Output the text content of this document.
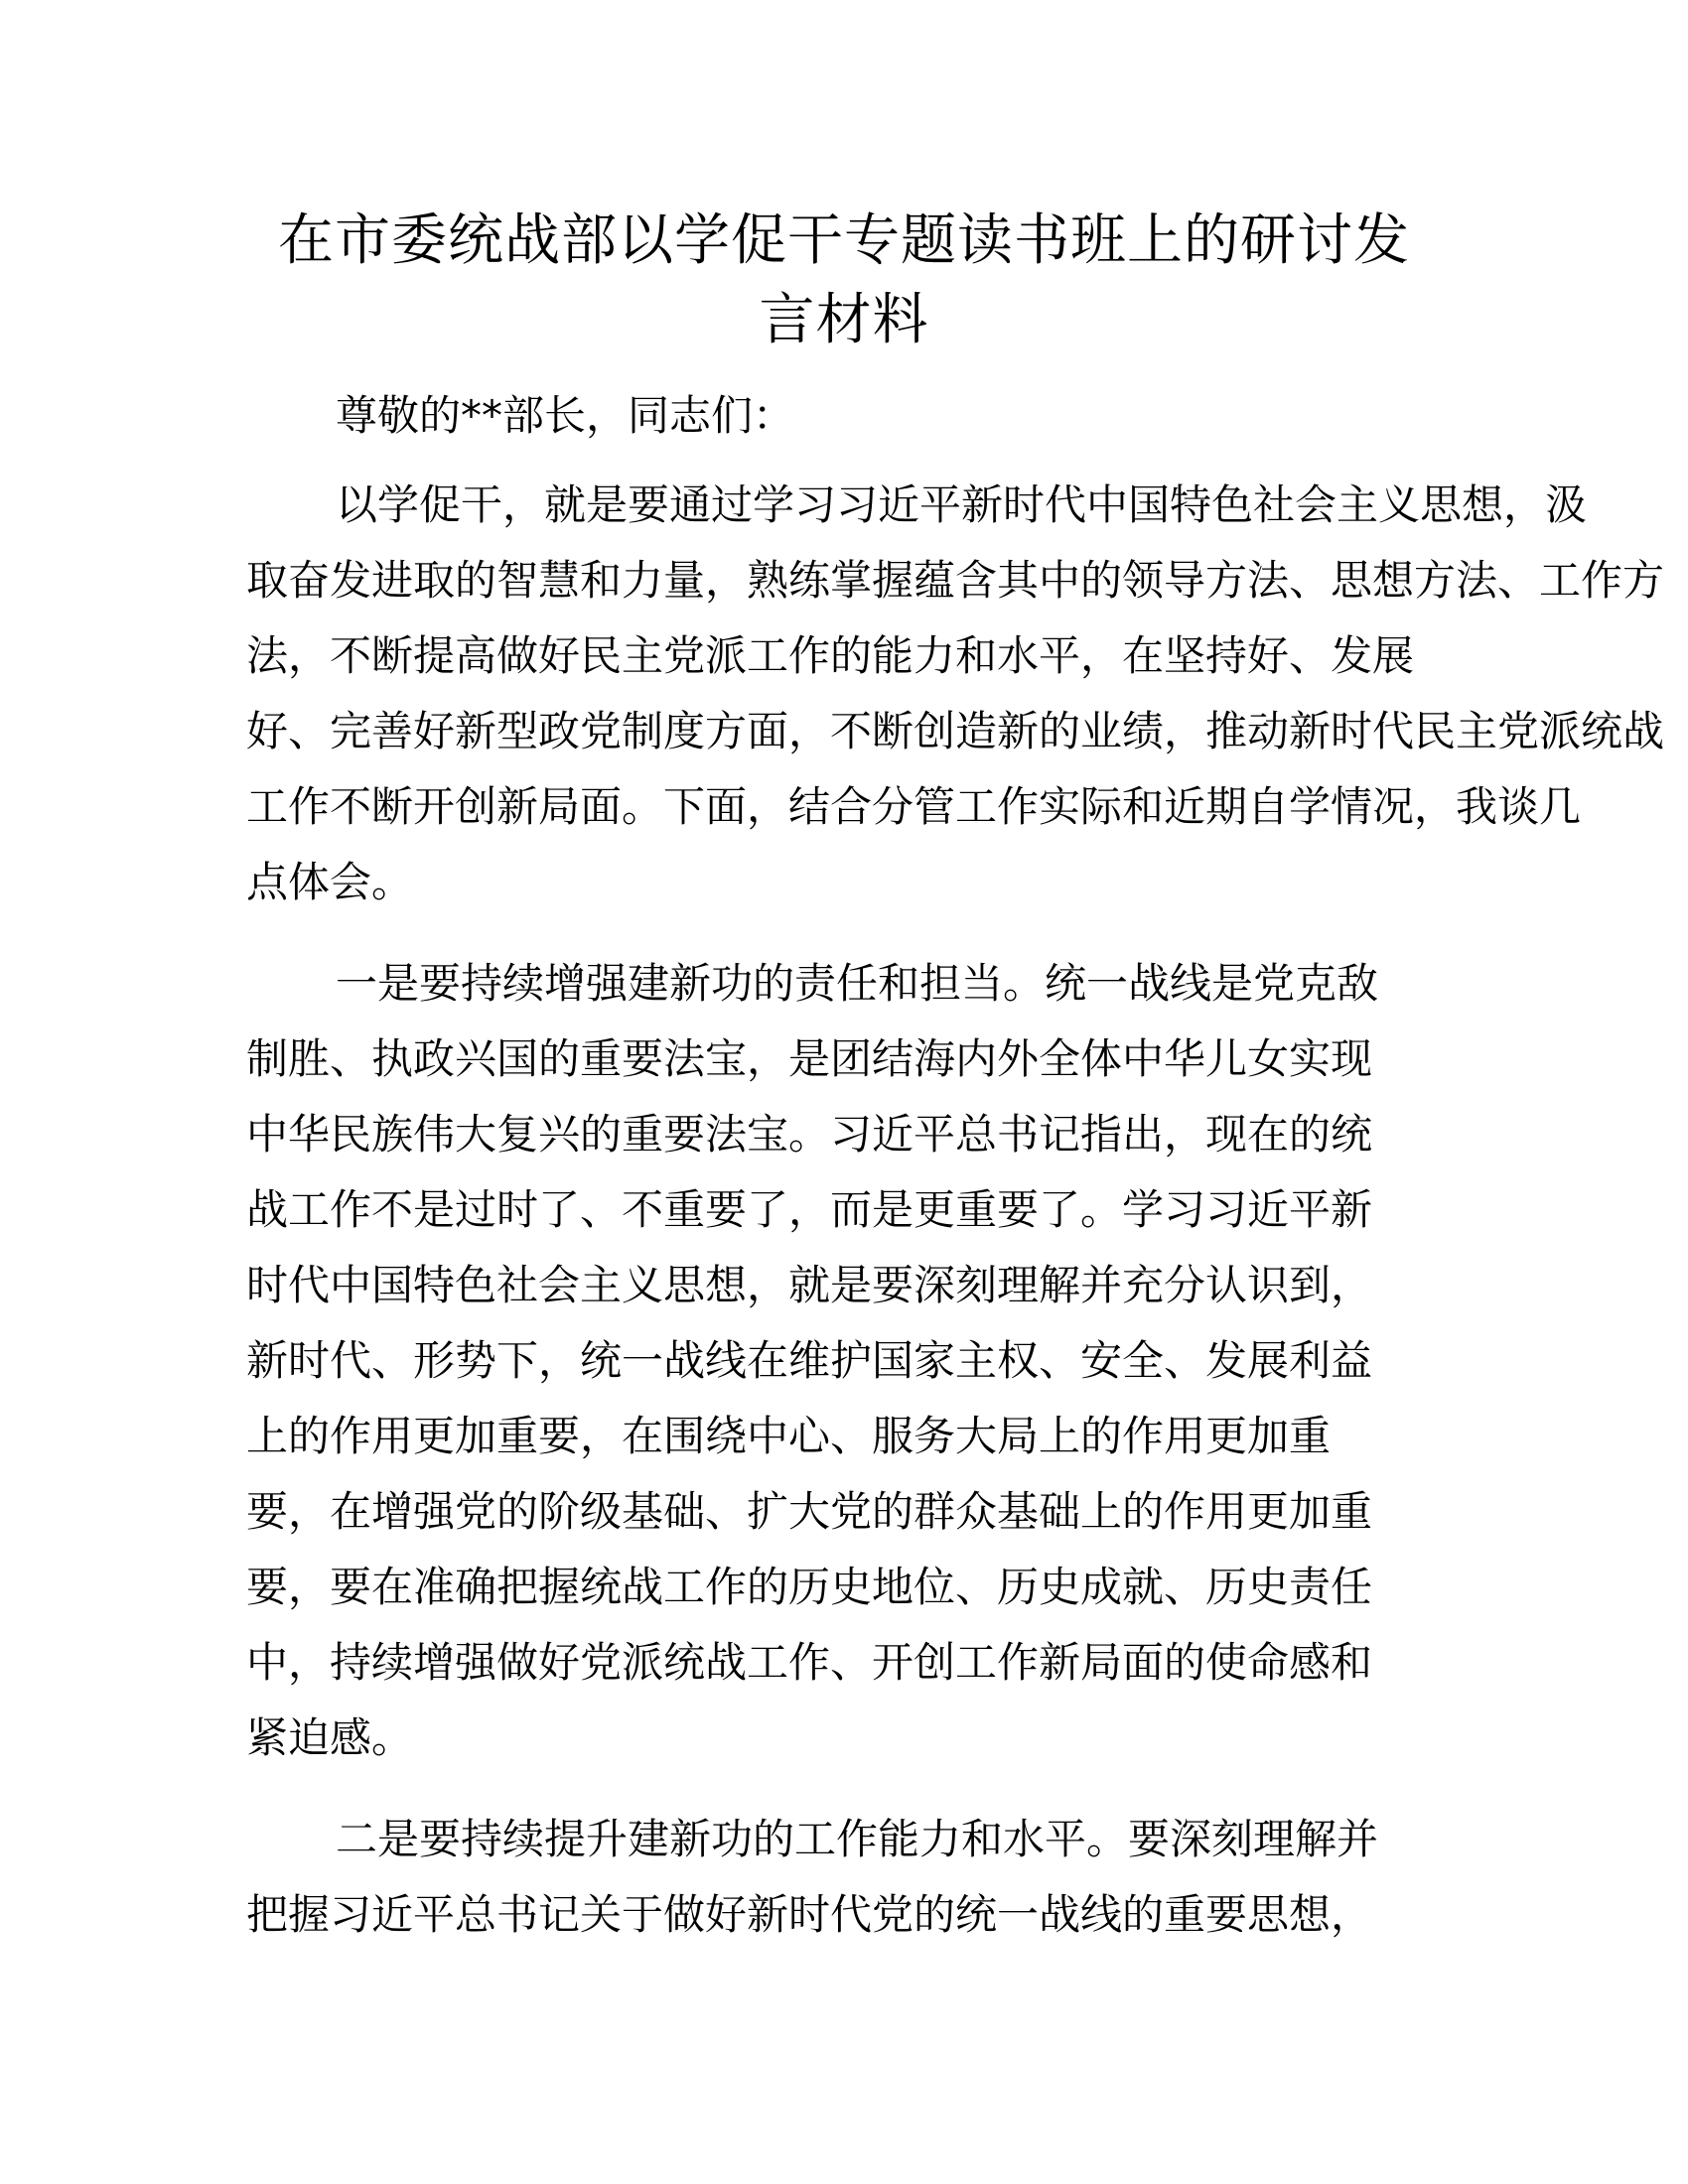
在市委统战部以学促干专题读书班上的研讨发
言材料

尊敬的**部长，同志们：

以学促干，就是要通过学习习近平新时代中国特色社会主义思想，汲

取奋发进取的智慧和力量，熟练掌握蕴含其中的领导方法、思想方法、工作方

法，不断提高做好民主党派工作的能力和水平，在坚持好、发展

好、完善好新型政党制度方面，不断创造新的业绩，推动新时代民主党派统战

工作不断开创新局面。下面，结合分管工作实际和近期自学情况，我谈几

点体会。

一是要持续增强建新功的责任和担当。统一战线是党克敌

制胜、执政兴国的重要法宝，是团结海内外全体中华儿女实现

中华民族伟大复兴的重要法宝。习近平总书记指出，现在的统

战工作不是过时了、不重要了，而是更重要了。学习习近平新

时代中国特色社会主义思想，就是要深刻理解并充分认识到，

新时代、形势下，统一战线在维护国家主权、安全、发展利益

上的作用更加重要，在围绕中心、服务大局上的作用更加重

要，在增强党的阶级基础、扩大党的群众基础上的作用更加重

要，要在准确把握统战工作的历史地位、历史成就、历史责任

中，持续增强做好党派统战工作、开创工作新局面的使命感和

紧迫感。

二是要持续提升建新功的工作能力和水平。要深刻理解并

把握习近平总书记关于做好新时代党的统一战线的重要思想，
